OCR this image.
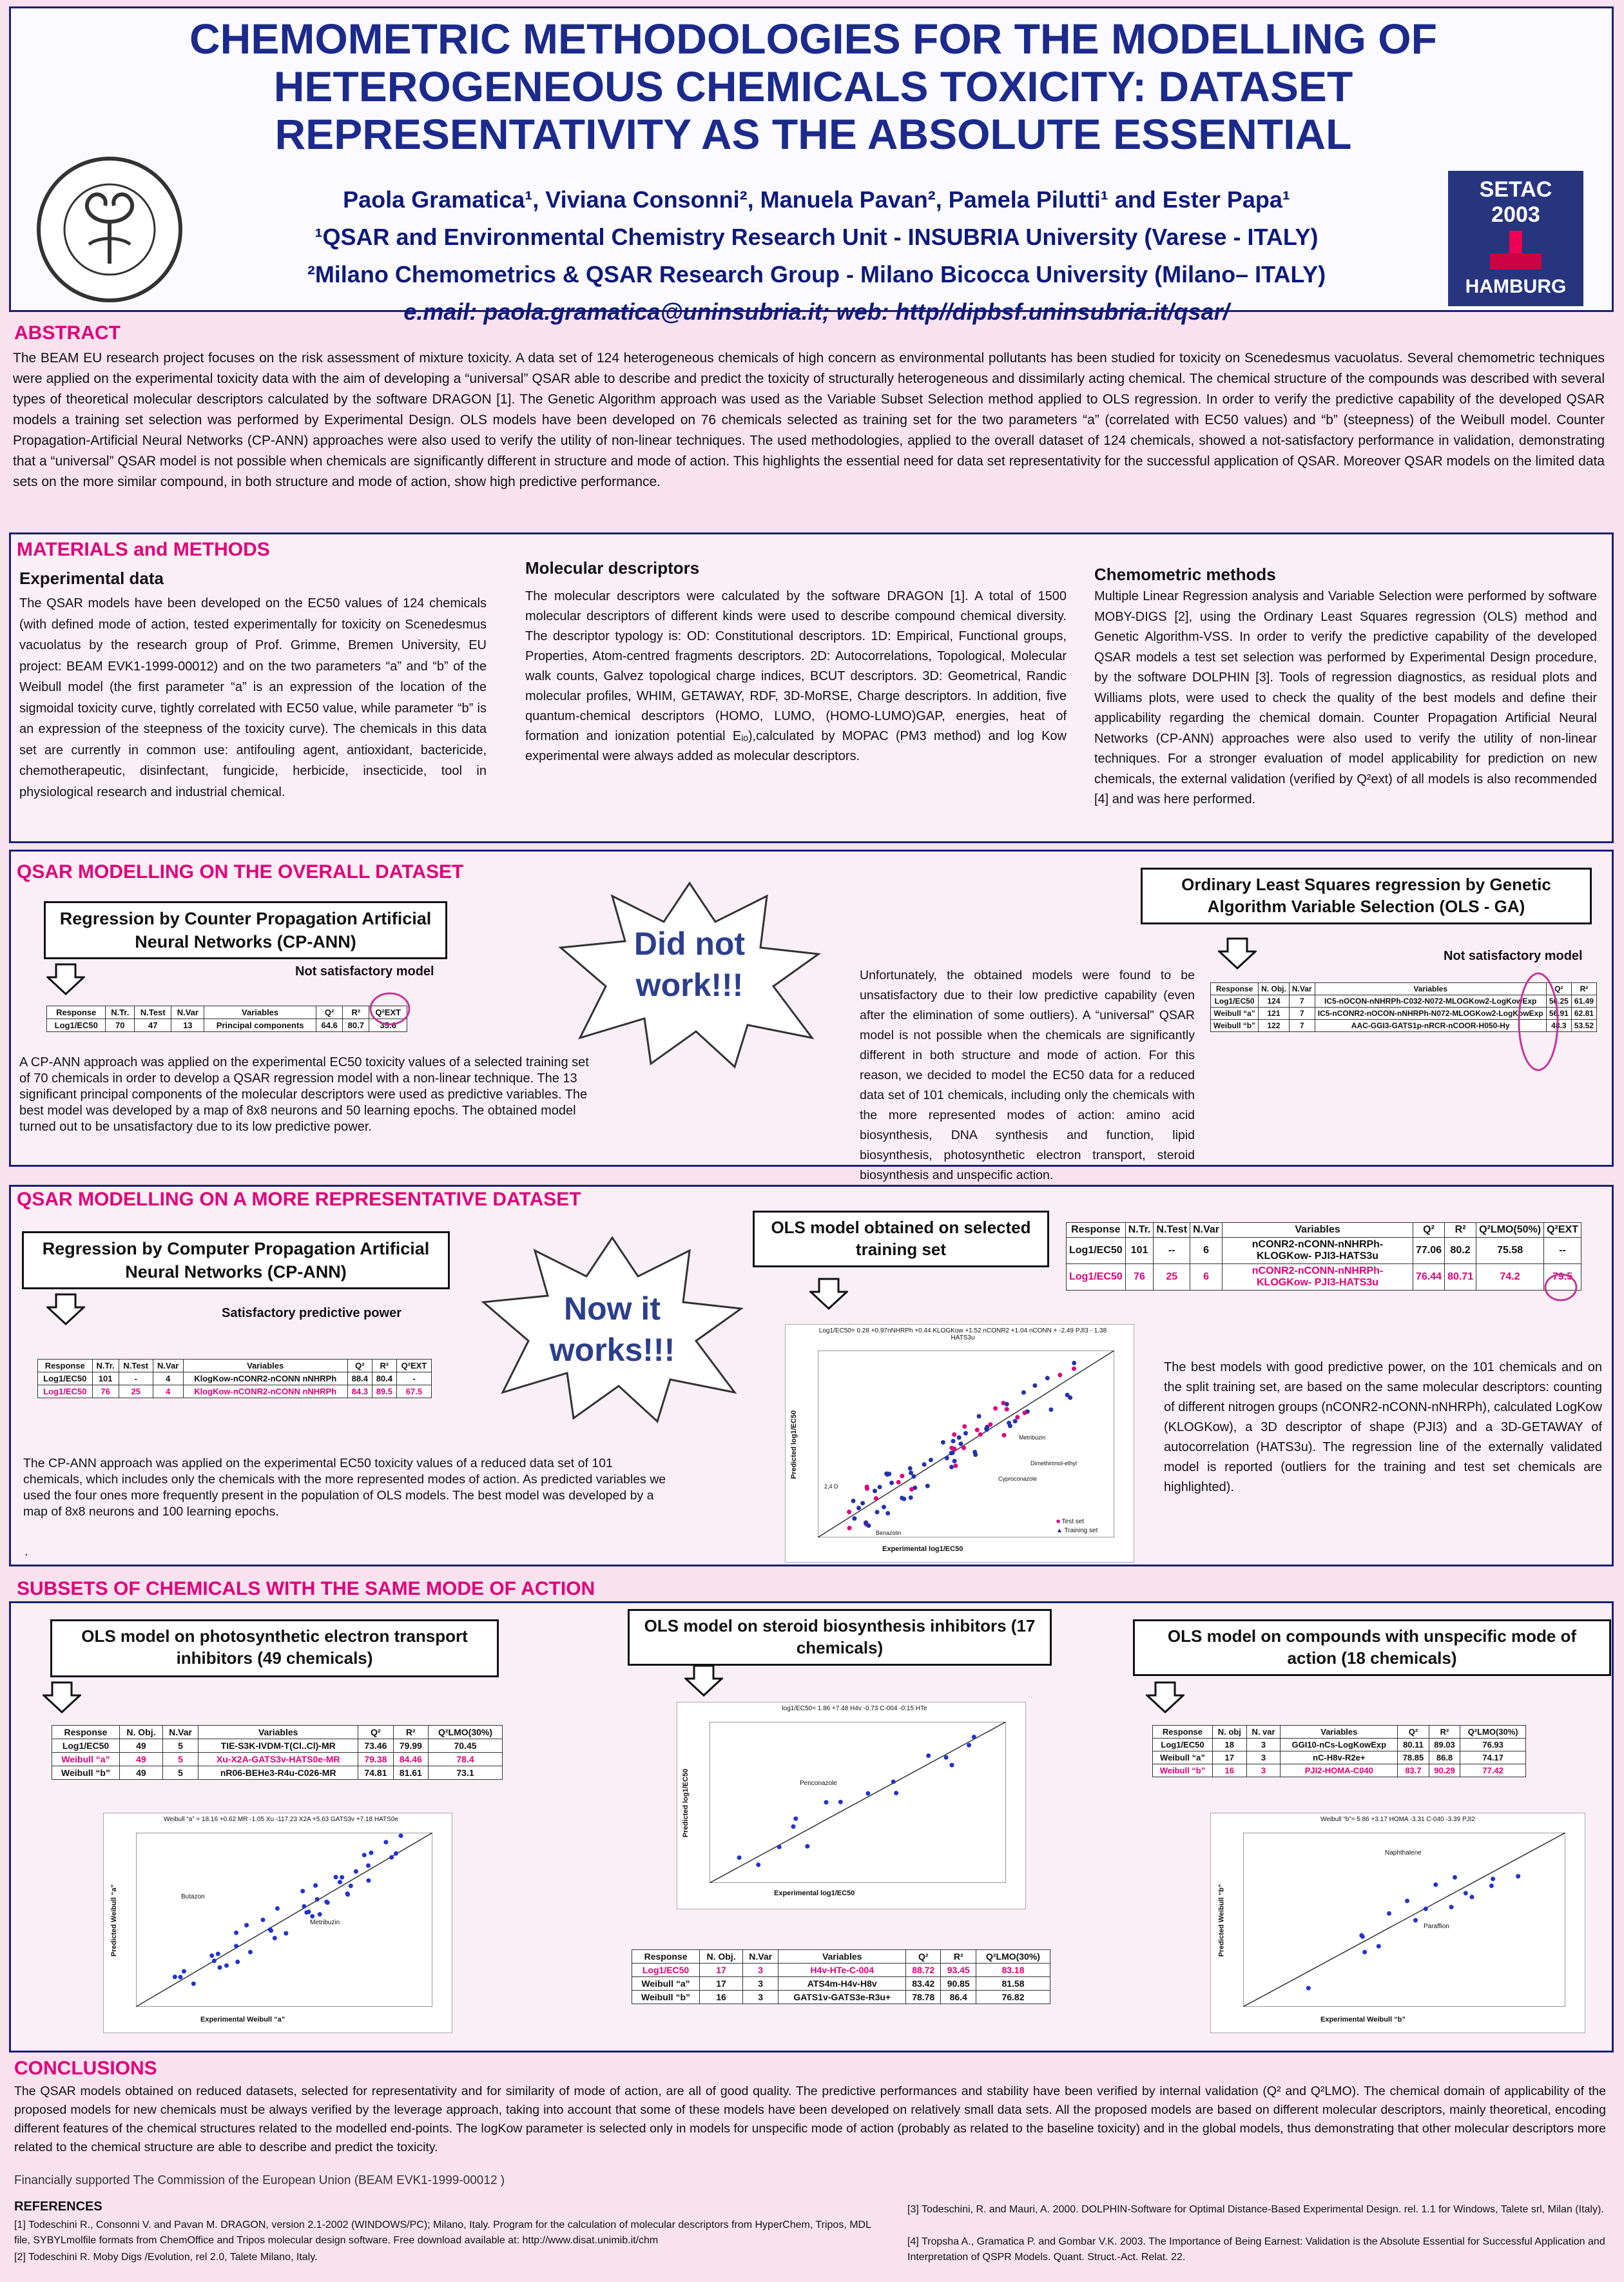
CHEMOMETRIC METHODOLOGIES FOR THE MODELLING OF HETEROGENEOUS CHEMICALS TOXICITY: DATASET REPRESENTATIVITY AS THE ABSOLUTE ESSENTIAL
Paola Gramatica¹, Viviana Consonni², Manuela Pavan², Pamela Pilutti¹ and Ester Papa¹
¹QSAR and Environmental Chemistry Research Unit - INSUBRIA University (Varese - ITALY)
²Milano Chemometrics & QSAR Research Group - Milano Bicocca University (Milano– ITALY)
e.mail: paola.gramatica@uninsubria.it; web: http//dipbsf.uninsubria.it/qsar/
SETAC
2003
HAMBURG
ABSTRACT
The BEAM EU research project focuses on the risk assessment of mixture toxicity. A data set of 124 heterogeneous chemicals of high concern as environmental pollutants has been studied for toxicity on Scenedesmus vacuolatus. Several chemometric techniques were applied on the experimental toxicity data with the aim of developing a “universal” QSAR able to describe and predict the toxicity of structurally heterogeneous and dissimilarly acting chemical. The chemical structure of the compounds was described with several types of theoretical molecular descriptors calculated by the software DRAGON [1]. The Genetic Algorithm approach was used as the Variable Subset Selection method applied to OLS regression. In order to verify the predictive capability of the developed QSAR models a training set selection was performed by Experimental Design. OLS models have been developed on 76 chemicals selected as training set for the two parameters “a” (correlated with EC50 values) and “b” (steepness) of the Weibull model. Counter Propagation-Artificial Neural Networks (CP-ANN) approaches were also used to verify the utility of non-linear techniques. The used methodologies, applied to the overall dataset of 124 chemicals, showed a not-satisfactory performance in validation, demonstrating that a “universal” QSAR model is not possible when chemicals are significantly different in structure and mode of action. This highlights the essential need for data set representativity for the successful application of QSAR. Moreover QSAR models on the limited data sets on the more similar compound, in both structure and mode of action, show high predictive performance.
MATERIALS and METHODS
Experimental data
The QSAR models have been developed on the EC50 values of 124 chemicals (with defined mode of action, tested experimentally for toxicity on Scenedesmus vacuolatus by the research group of Prof. Grimme, Bremen University, EU project: BEAM EVK1-1999-00012) and on the two parameters “a” and “b” of the Weibull model (the first parameter “a” is an expression of the location of the sigmoidal toxicity curve, tightly correlated with EC50 value, while parameter “b” is an expression of the steepness of the toxicity curve). The chemicals in this data set are currently in common use: antifouling agent, antioxidant, bactericide, chemotherapeutic, disinfectant, fungicide, herbicide, insecticide, tool in physiological research and industrial chemical.
Molecular descriptors
The molecular descriptors were calculated by the software DRAGON [1]. A total of 1500 molecular descriptors of different kinds were used to describe compound chemical diversity. The descriptor typology is: OD: Constitutional descriptors. 1D: Empirical, Functional groups, Properties, Atom-centred fragments descriptors. 2D: Autocorrelations, Topological, Molecular walk counts, Galvez topological charge indices, BCUT descriptors. 3D: Geometrical, Randic molecular profiles, WHIM, GETAWAY, RDF, 3D-MoRSE, Charge descriptors. In addition, five quantum-chemical descriptors (HOMO, LUMO, (HOMO-LUMO)GAP, energies, heat of formation and ionization potential Eᵢₒ),calculated by MOPAC (PM3 method) and log Kow experimental were always added as molecular descriptors.
Chemometric methods
Multiple Linear Regression analysis and Variable Selection were performed by software MOBY-DIGS [2], using the Ordinary Least Squares regression (OLS) method and Genetic Algorithm-VSS. In order to verify the predictive capability of the developed QSAR models a test set selection was performed by Experimental Design procedure, by the software DOLPHIN [3]. Tools of regression diagnostics, as residual plots and Williams plots, were used to check the quality of the best models and define their applicability regarding the chemical domain. Counter Propagation Artificial Neural Networks (CP-ANN) approaches were also used to verify the utility of non-linear techniques. For a stronger evaluation of model applicability for prediction on new chemicals, the external validation (verified by Q²ext) of all models is also recommended [4] and was here performed.
QSAR MODELLING ON THE OVERALL DATASET
Regression by Counter Propagation Artificial Neural Networks (CP-ANN)
Not satisfactory model
Response	N.Tr.	N.Test	N.Var	Variables	Q²	R²	Q²EXT
Log1/EC50	70	47	13	Principal components	64.6	80.7	35.6
A CP-ANN approach was applied on the experimental EC50 toxicity values of a selected training set of 70 chemicals in order to develop a QSAR regression model with a non-linear technique. The 13 significant principal components of the molecular descriptors were used as predictive variables. The best model was developed by a map of 8x8 neurons and 50 learning epochs. The obtained model turned out to be unsatisfactory due to its low predictive power.
Did not work!!!	Unfortunately, the obtained models were found to be unsatisfactory due to their low predictive capability (even after the elimination of some outliers). A “universal” QSAR model is not possible when the chemicals are significantly different in both structure and mode of action. For this reason, we decided to model the EC50 data for a reduced data set of 101 chemicals, including only the chemicals with the more represented modes of action: amino acid biosynthesis, DNA synthesis and function, lipid biosynthesis, photosynthetic electron transport, steroid biosynthesis and unspecific action.
Ordinary Least Squares regression by Genetic Algorithm Variable Selection (OLS - GA)
Not satisfactory model
Response	N. Obj.	N.Var	Variables	Q²	R²
Log1/EC50	124	7	IC5-nOCON-nNHRPh-C032-N072-MLOGKow2-LogKowExp	56.25	61.49
Weibull “a”	121	7	IC5-nCONR2-nOCON-nNHRPh-N072-MLOGKow2-LogKowExp	56.91	62.81
Weibull “b”	122	7	AAC-GGI3-GATS1p-nRCR-nCOOR-H050-Hy	48.3	53.52
QSAR MODELLING ON A MORE REPRESENTATIVE DATASET
Regression by Computer Propagation Artificial Neural Networks (CP-ANN)
Satisfactory predictive power
Response	N.Tr.	N.Test	N.Var	Variables	Q²	R²	Q²EXT
Log1/EC50	101	-	4	KlogKow-nCONR2-nCONN nNHRPh	88.4	80.4	-
Log1/EC50	76	25	4	KlogKow-nCONR2-nCONN nNHRPh	84.3	89.5	67.5
The CP-ANN approach was applied on the experimental EC50 toxicity values of a reduced data set of 101 chemicals, which includes only the chemicals with the more represented modes of action. As predicted variables we used the four ones more frequently present in the population of OLS models. The best model was developed by a map of 8x8 neurons and 100 learning epochs.
.
Now it works!!!
OLS model obtained on selected training set
Log1/EC50= 0.28 +0.97nNHRPh +0.44 KLOGKow +1.52 nCONR2 +1.04 nCONN + -2.49 PJI3 - 1.38 HATS3u
Experimental log1/EC50
Predicted log1/EC50	Metribuzin
Dimethirimol-ethyl
Cyproconazole
Benazolin
2,4 D
■ Test set
▲ Training set
Response	N.Tr.	N.Test	N.Var	Variables	Q²	R²	Q²LMO(50%)	Q²EXT
Log1/EC50	101	--	6	nCONR2-nCONN-nNHRPh-KLOGKow- PJI3-HATS3u	77.06	80.2	75.58	--
Log1/EC50	76	25	6	nCONR2-nCONN-nNHRPh-KLOGKow- PJI3-HATS3u	76.44	80.71	74.2	79.5
The best models with good predictive power, on the 101 chemicals and on the split training set, are based on the same molecular descriptors: counting of different nitrogen groups (nCONR2-nCONN-nNHRPh), calculated LogKow (KLOGKow), a 3D descriptor of shape (PJI3) and a 3D-GETAWAY of autocorrelation (HATS3u). The regression line of the externally validated model is reported (outliers for the training and test set chemicals are highlighted).
SUBSETS OF CHEMICALS WITH THE SAME MODE OF ACTION
OLS model on photosynthetic electron transport inhibitors (49 chemicals)
Response	N. Obj.	N.Var	Variables	Q²	R²	Q²LMO(30%)
Log1/EC50	49	5	TIE-S3K-IVDM-T(Cl..Cl)-MR	73.46	79.99	70.45
Weibull “a”	49	5	Xu-X2A-GATS3v-HATS0e-MR	79.38	84.46	78.4
Weibull “b”	49	5	nR06-BEHe3-R4u-C026-MR	74.81	81.61	73.1
Weibull “a” = 18.16 +0.62 MR -1.05 Xu -117.23 X2A +5.63 GATS3v +7.18 HATS0e
Experimental Weibull “a”
Predicted Weibull “a”	Butazon
Metribuzin
OLS model on steroid biosynthesis inhibitors (17 chemicals)
log1/EC50= 1.86 +7.48 H4v -0.73 C-004 -0.15 HTe
Experimental log1/EC50
Predicted log1/EC50	Penconazole
Response	N. Obj.	N.Var	Variables	Q²	R²	Q²LMO(30%)
Log1/EC50	17	3	H4v-HTe-C-004	88.72	93.45	83.18
Weibull “a”	17	3	ATS4m-H4v-H8v	83.42	90.85	81.58
Weibull “b”	16	3	GATS1v-GATS3e-R3u+	78.78	86.4	76.82
OLS model on compounds with unspecific mode of action (18 chemicals)
Response	N. obj	N. var	Variables	Q²	R²	Q²LMO(30%)
Log1/EC50	18	3	GGI10-nCs-LogKowExp	80.11	89.03	76.93
Weibull “a”	17	3	nC-H8v-R2e+	78.85	86.8	74.17
Weibull “b”	16	3	PJI2-HOMA-C040	83.7	90.29	77.42
Weibull “b”= 5.86 +3.17 HOMA -3.31 C-040 -3.39 PJI2
Experimental Weibull “b”
Predicted Weibull “b”
Naphthalene
Paraffion
CONCLUSIONS
The QSAR models obtained on reduced datasets, selected for representativity and for similarity of mode of action, are all of good quality. The predictive performances and stability have been verified by internal validation (Q² and Q²LMO). The chemical domain of applicability of the proposed models for new chemicals must be always verified by the leverage approach, taking into account that some of these models have been developed on relatively small data sets. All the proposed models are based on different molecular descriptors, mainly theoretical, encoding different features of the chemical structures related to the modelled end-points. The logKow parameter is selected only in models for unspecific mode of action (probably as related to the baseline toxicity) and in the global models, thus demonstrating that other molecular descriptors more related to the chemical structure are able to describe and predict the toxicity.
Financially supported The Commission of the European Union (BEAM EVK1-1999-00012 )
REFERENCES
[1] Todeschini R., Consonni V. and Pavan M. DRAGON, version 2.1-2002 (WINDOWS/PC); Milano, Italy. Program for the calculation of molecular descriptors from HyperChem, Tripos, MDL file, SYBYLmolfile formats from ChemOffice and Tripos molecular design software. Free download available at: http://www.disat.unimib.it/chm
[2] Todeschini R. Moby Digs /Evolution, rel 2.0, Talete Milano, Italy.
[3] Todeschini, R. and Mauri, A. 2000. DOLPHIN-Software for Optimal Distance-Based Experimental Design. rel. 1.1 for Windows, Talete srl, Milan (Italy).
[4] Tropsha A., Gramatica P. and Gombar V.K. 2003. The Importance of Being Earnest: Validation is the Absolute Essential for Successful Application and Interpretation of QSPR Models. Quant. Struct.-Act. Relat. 22.
